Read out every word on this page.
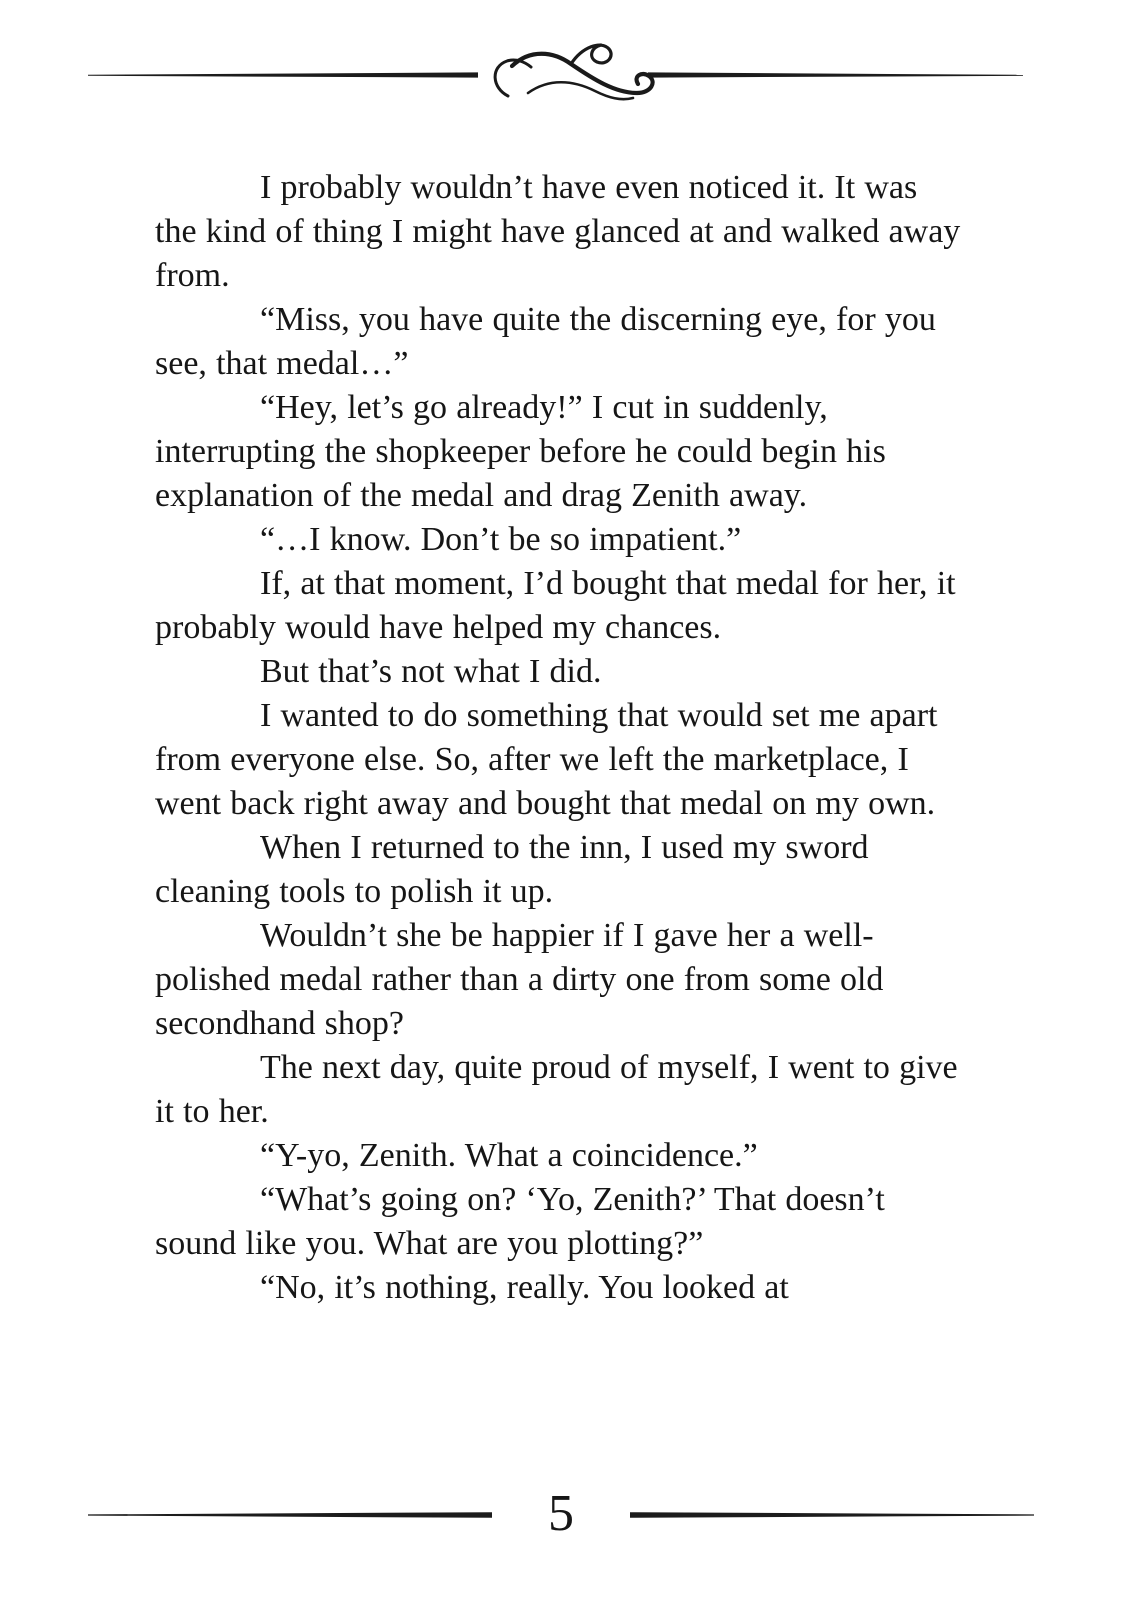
I probably wouldn’t have even noticed it. It was the kind of thing I might have glanced at and walked away from.

“Miss, you have quite the discerning eye, for you see, that medal…”

“Hey, let’s go already!” I cut in suddenly, interrupting the shopkeeper before he could begin his explanation of the medal and drag Zenith away.

“…I know. Don’t be so impatient.”

If, at that moment, I’d bought that medal for her, it probably would have helped my chances.

But that’s not what I did.

I wanted to do something that would set me apart from everyone else. So, after we left the marketplace, I went back right away and bought that medal on my own.

When I returned to the inn, I used my sword cleaning tools to polish it up.

Wouldn’t she be happier if I gave her a well-polished medal rather than a dirty one from some old secondhand shop?

The next day, quite proud of myself, I went to give it to her.

“Y-yo, Zenith. What a coincidence.”

“What’s going on? ‘Yo, Zenith?’ That doesn’t sound like you. What are you plotting?”

“No, it’s nothing, really. You looked at

5
